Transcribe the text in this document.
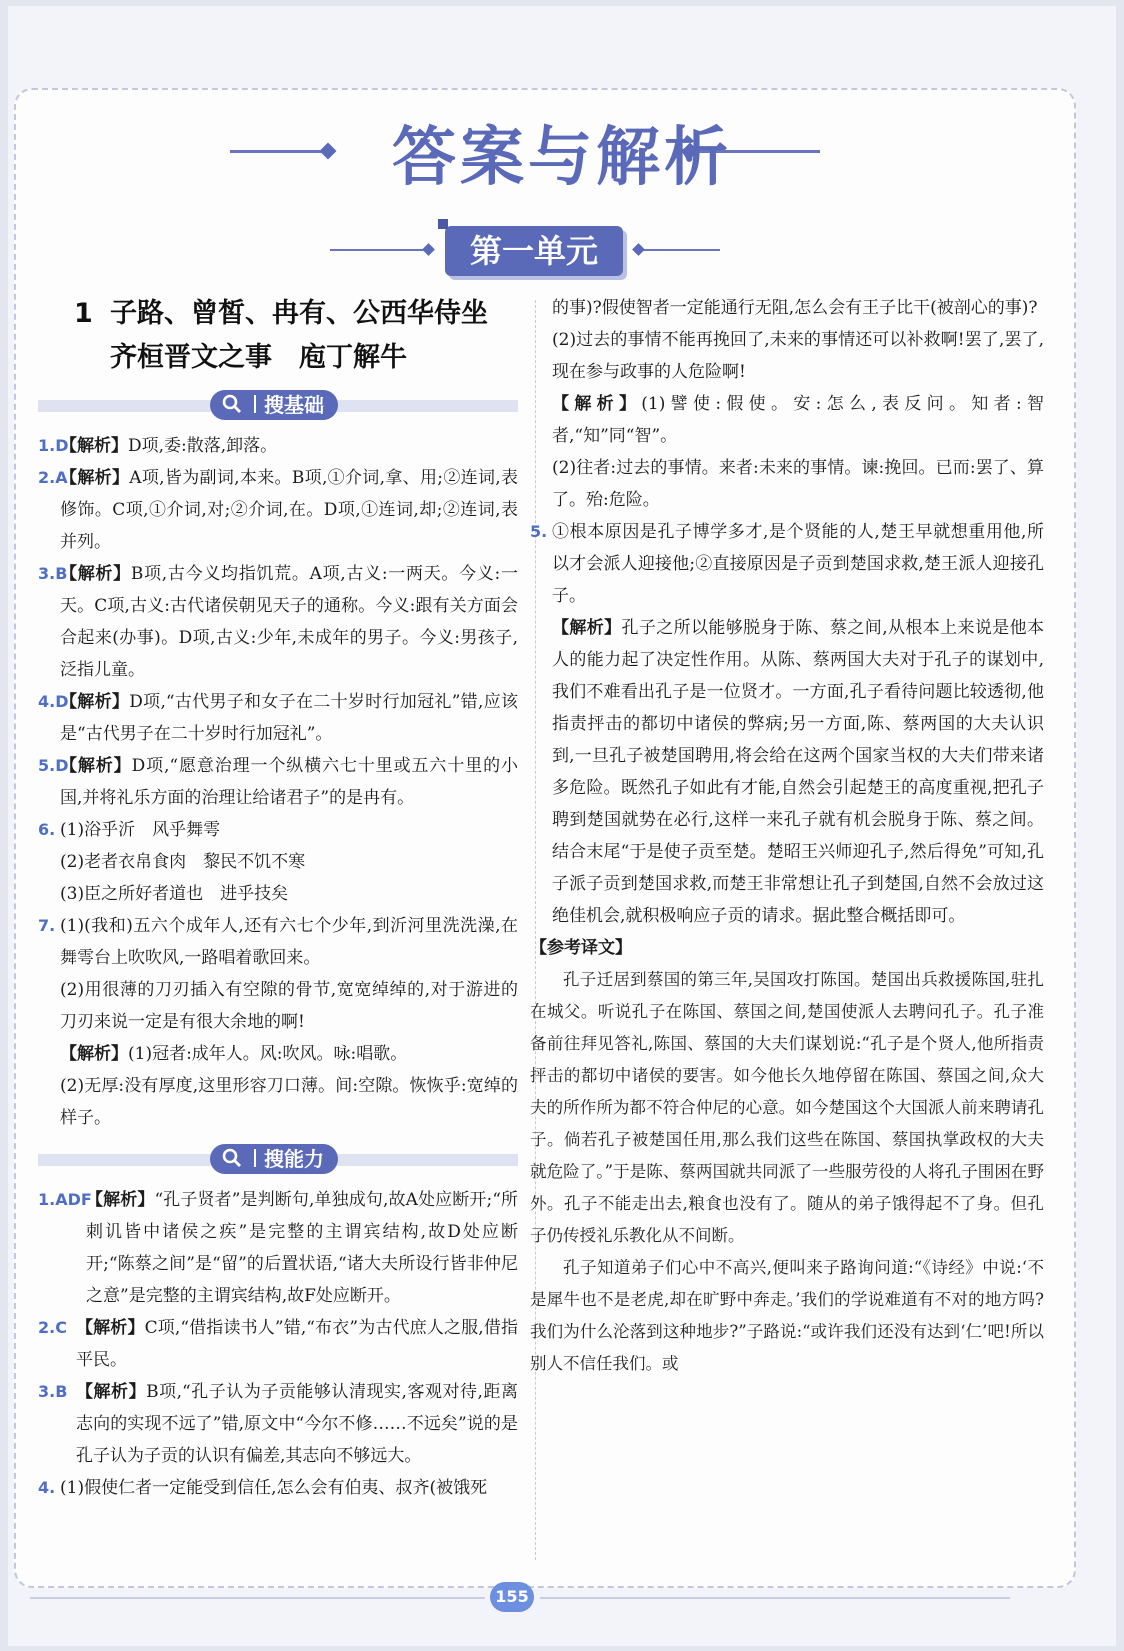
答案与解析
第一单元
1 子路、曾皙、冉有、公西华侍坐
齐桓晋文之事　庖丁解牛

搜基础
1.D
【解析】D项,委:散落,卸落。
2.A
【解析】A项,皆为副词,本来。B项,①介词,拿、用;②连词,表修饰。C项,①介词,对;②介词,在。D项,①连词,却;②连词,表并列。
3.B
【解析】B项,古今义均指饥荒。A项,古义:一两天。今义:一天。C项,古义:古代诸侯朝见天子的通称。今义:跟有关方面会合起来(办事)。D项,古义:少年,未成年的男子。今义:男孩子,泛指儿童。
4.D
【解析】D项,“古代男子和女子在二十岁时行加冠礼”错,应该是“古代男子在二十岁时行加冠礼”。
5.D
【解析】D项,“愿意治理一个纵横六七十里或五六十里的小国,并将礼乐方面的治理让给诸君子”的是冉有。
6. (1)浴乎沂　风乎舞雩
(2)老者衣帛食肉　黎民不饥不寒
(3)臣之所好者道也　进乎技矣
7. (1)(我和)五六个成年人,还有六七个少年,到沂河里洗洗澡,在舞雩台上吹吹风,一路唱着歌回来。
(2)用很薄的刀刃插入有空隙的骨节,宽宽绰绰的,对于游进的刀刃来说一定是有很大余地的啊!
【解析】(1)冠者:成年人。风:吹风。咏:唱歌。
(2)无厚:没有厚度,这里形容刀口薄。间:空隙。恢恢乎:宽绰的样子。

搜能力
1.ADF
【解析】“孔子贤者”是判断句,单独成句,故A处应断开;“所刺讥皆中诸侯之疾”是完整的主谓宾结构,故D处应断开;“陈蔡之间”是“留”的后置状语,“诸大夫所设行皆非仲尼之意”是完整的主谓宾结构,故F处应断开。
2.C 【解析】C项,“借指读书人”错,“布衣”为古代庶人之服,借指平民。
3.B 【解析】B项,“孔子认为子贡能够认清现实,客观对待,距离志向的实现不远了”错,原文中“今尔不修……不远矣”说的是孔子认为子贡的认识有偏差,其志向不够远大。
4. (1)假使仁者一定能受到信任,怎么会有伯夷、叔齐(被饿死
的事)?假使智者一定能通行无阻,怎么会有王子比干(被剖心的事)?
(2)过去的事情不能再挽回了,未来的事情还可以补救啊!罢了,罢了,现在参与政事的人危险啊!
【解析】(1)譬使:假使。安:怎么,表反问。知者:智者,“知”同“智”。
(2)往者:过去的事情。来者:未来的事情。谏:挽回。已而:罢了、算了。殆:危险。
5. ①根本原因是孔子博学多才,是个贤能的人,楚王早就想重用他,所以才会派人迎接他;②直接原因是子贡到楚国求救,楚王派人迎接孔子。
【解析】孔子之所以能够脱身于陈、蔡之间,从根本上来说是他本人的能力起了决定性作用。从陈、蔡两国大夫对于孔子的谋划中,我们不难看出孔子是一位贤才。一方面,孔子看待问题比较透彻,他指责抨击的都切中诸侯的弊病;另一方面,陈、蔡两国的大夫认识到,一旦孔子被楚国聘用,将会给在这两个国家当权的大夫们带来诸多危险。既然孔子如此有才能,自然会引起楚王的高度重视,把孔子聘到楚国就势在必行,这样一来孔子就有机会脱身于陈、蔡之间。结合末尾“于是使子贡至楚。楚昭王兴师迎孔子,然后得免”可知,孔子派子贡到楚国求救,而楚王非常想让孔子到楚国,自然不会放过这绝佳机会,就积极响应子贡的请求。据此整合概括即可。
【参考译文】
孔子迁居到蔡国的第三年,吴国攻打陈国。楚国出兵救援陈国,驻扎在城父。听说孔子在陈国、蔡国之间,楚国使派人去聘问孔子。孔子准备前往拜见答礼,陈国、蔡国的大夫们谋划说:“孔子是个贤人,他所指责抨击的都切中诸侯的要害。如今他长久地停留在陈国、蔡国之间,众大夫的所作所为都不符合仲尼的心意。如今楚国这个大国派人前来聘请孔子。倘若孔子被楚国任用,那么我们这些在陈国、蔡国执掌政权的大夫就危险了。”于是陈、蔡两国就共同派了一些服劳役的人将孔子围困在野外。孔子不能走出去,粮食也没有了。随从的弟子饿得起不了身。但孔子仍传授礼乐教化从不间断。
孔子知道弟子们心中不高兴,便叫来子路询问道:“《诗经》中说:‘不是犀牛也不是老虎,却在旷野中奔走。’我们的学说难道有不对的地方吗?我们为什么沦落到这种地步?”子路说:“或许我们还没有达到‘仁’吧!所以别人不信任我们。或
155
